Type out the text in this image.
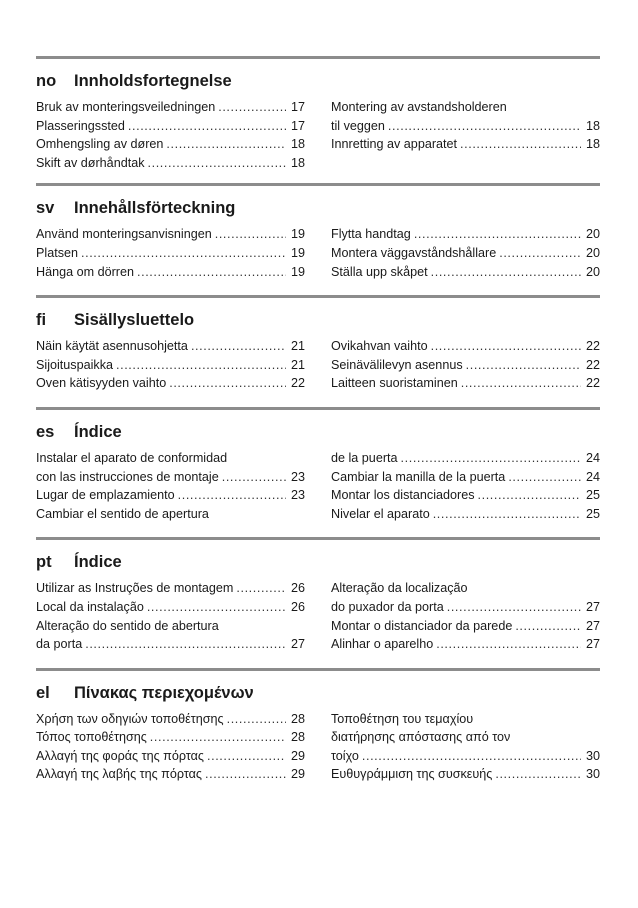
no	Innholdsfortegnelse
Bruk av monteringsveiledningen .....	17
Plasseringssted .....	17
Omhengsling av døren .....	18
Skift av dørhåndtak .....	18
Montering av avstandsholderen
til veggen .....	18
Innretting av apparatet .....	18
sv	Innehållsförteckning
Använd monteringsanvisningen .....	19
Platsen .....	19
Hänga om dörren .....	19
Flytta handtag .....	20
Montera väggavståndshållare .....	20
Ställa upp skåpet .....	20
fi	Sisällysluettelo
Näin käytät asennusohjetta .....	21
Sijoituspaikka .....	21
Oven kätisyyden vaihto .....	22
Ovikahvan vaihto .....	22
Seinävälilevyn asennus .....	22
Laitteen suoristaminen .....	22
es	Índice
Instalar el aparato de conformidad
con las instrucciones de montaje .....	23
Lugar de emplazamiento .....	23
Cambiar el sentido de apertura
de la puerta .....	24
Cambiar la manilla de la puerta .....	24
Montar los distanciadores .....	25
Nivelar el aparato .....	25
pt	Índice
Utilizar as Instruções de montagem .....	26
Local da instalação .....	26
Alteração do sentido de abertura
da porta .....	27
Alteração da localização
do puxador da porta .....	27
Montar o distanciador da parede .....	27
Alinhar o aparelho .....	27
el	Πίνακας περιεχομένων
Χρήση των οδηγιών τοποθέτησης .....	28
Τόπος τοποθέτησης .....	28
Αλλαγή της φοράς της πόρτας .....	29
Αλλαγή της λαβής της πόρτας .....	29
Τοποθέτηση του τεμαχίου
διατήρησης απόστασης από τον
τοίχο .....	30
Ευθυγράμμιση της συσκευής .....	30
